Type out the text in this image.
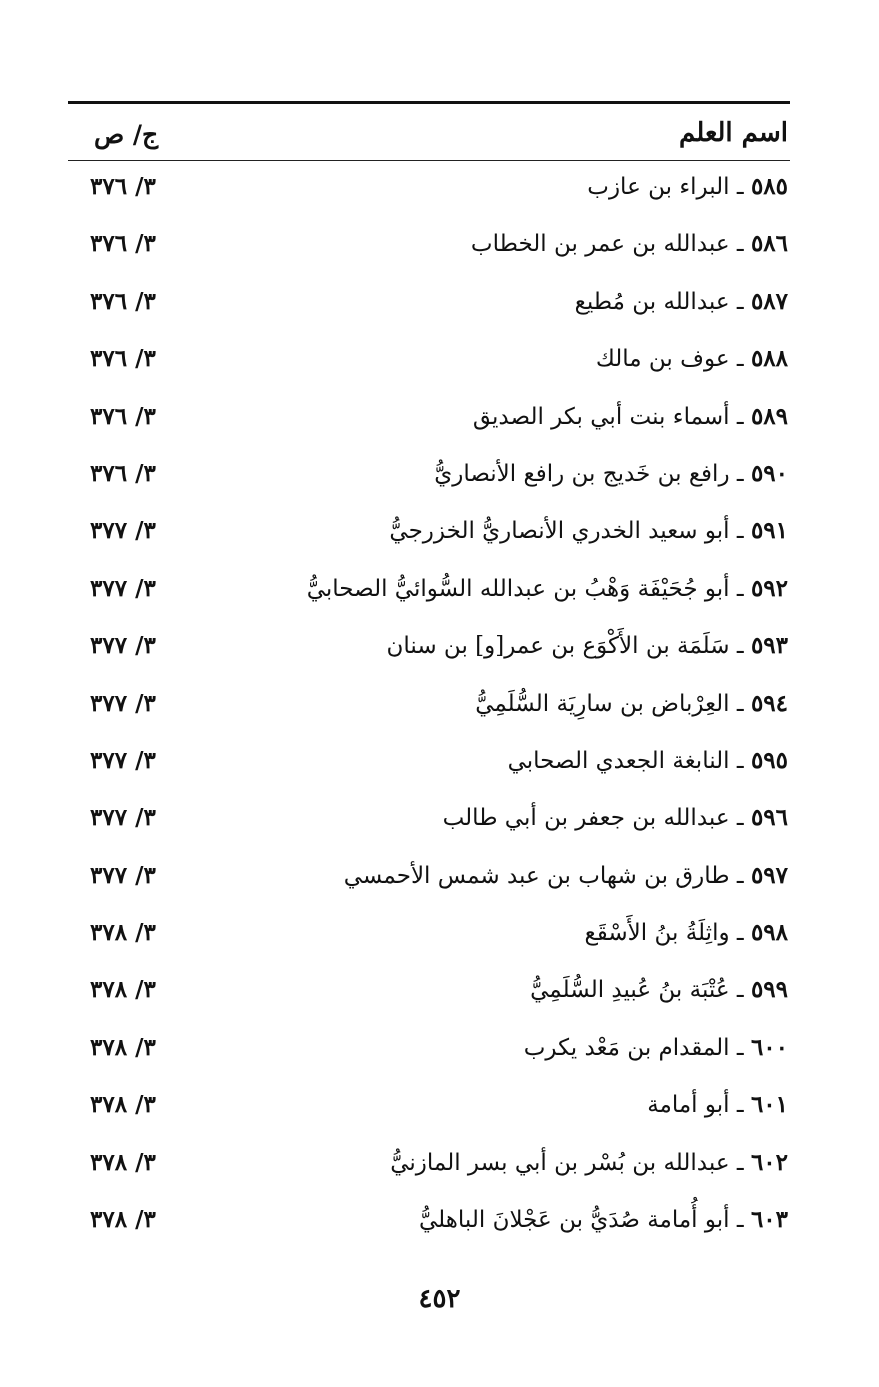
اسم العلم
ج/ ص
٥٨٥ ـ البراء بن عازب
٣/ ٣٧٦
٥٨٦ ـ عبدالله بن عمر بن الخطاب
٣/ ٣٧٦
٥٨٧ ـ عبدالله بن مُطيع
٣/ ٣٧٦
٥٨٨ ـ عوف بن مالك
٣/ ٣٧٦
٥٨٩ ـ أسماء بنت أبي بكر الصديق
٣/ ٣٧٦
٥٩٠ ـ رافع بن خَديج بن رافع الأنصاريُّ
٣/ ٣٧٦
٥٩١ ـ أبو سعيد الخدري الأنصاريُّ الخزرجيُّ
٣/ ٣٧٧
٥٩٢ ـ أبو جُحَيْفَة وَهْبُ بن عبدالله السُّوائيُّ الصحابيُّ
٣/ ٣٧٧
٥٩٣ ـ سَلَمَة بن الأَكْوَع بن عمر[و] بن سنان
٣/ ٣٧٧
٥٩٤ ـ العِرْباض بن سارِيَة السُّلَمِيُّ
٣/ ٣٧٧
٥٩٥ ـ النابغة الجعدي الصحابي
٣/ ٣٧٧
٥٩٦ ـ عبدالله بن جعفر بن أبي طالب
٣/ ٣٧٧
٥٩٧ ـ طارق بن شهاب بن عبد شمس الأحمسي
٣/ ٣٧٧
٥٩٨ ـ واثِلَةُ بنُ الأَسْقَع
٣/ ٣٧٨
٥٩٩ ـ عُتْبَة بنُ عُبيدِ السُّلَمِيُّ
٣/ ٣٧٨
٦٠٠ ـ المقدام بن مَعْد يكرب
٣/ ٣٧٨
٦٠١ ـ أبو أمامة
٣/ ٣٧٨
٦٠٢ ـ عبدالله بن بُسْر بن أبي بسر المازنيُّ
٣/ ٣٧٨
٦٠٣ ـ أبو أُمامة صُدَيُّ بن عَجْلانَ الباهليُّ
٣/ ٣٧٨
٤٥٢
